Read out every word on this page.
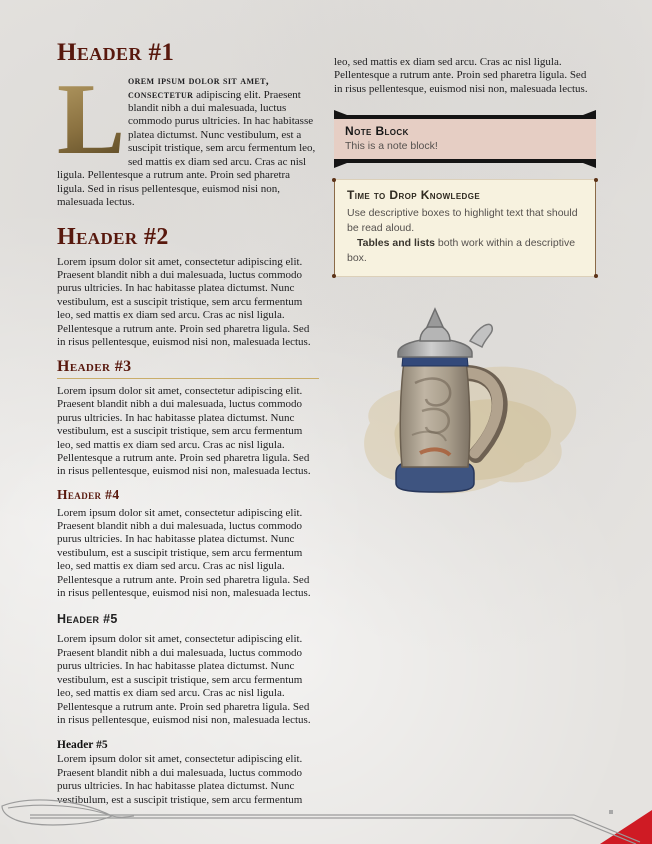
Header #1

L orem ipsum dolor sit amet, consectetur adipiscing elit. Praesent blandit nibh a dui malesuada, luctus commodo purus ultricies. In hac habitasse platea dictumst. Nunc vestibulum, est a suscipit tristique, sem arcu fermentum leo, sed mattis ex diam sed arcu. Cras ac nisl ligula. Pellentesque a rutrum ante. Proin sed pharetra ligula. Sed in risus pellentesque, euismod nisi non, malesuada lectus.

Header #2

Lorem ipsum dolor sit amet, consectetur adipiscing elit. Praesent blandit nibh a dui malesuada, luctus commodo purus ultricies. In hac habitasse platea dictumst. Nunc vestibulum, est a suscipit tristique, sem arcu fermentum leo, sed mattis ex diam sed arcu. Cras ac nisl ligula. Pellentesque a rutrum ante. Proin sed pharetra ligula. Sed in risus pellentesque, euismod nisi non, malesuada lectus.

Header #3

Lorem ipsum dolor sit amet, consectetur adipiscing elit. Praesent blandit nibh a dui malesuada, luctus commodo purus ultricies. In hac habitasse platea dictumst. Nunc vestibulum, est a suscipit tristique, sem arcu fermentum leo, sed mattis ex diam sed arcu. Cras ac nisl ligula. Pellentesque a rutrum ante. Proin sed pharetra ligula. Sed in risus pellentesque, euismod nisi non, malesuada lectus.

Header #4

Lorem ipsum dolor sit amet, consectetur adipiscing elit. Praesent blandit nibh a dui malesuada, luctus commodo purus ultricies. In hac habitasse platea dictumst. Nunc vestibulum, est a suscipit tristique, sem arcu fermentum leo, sed mattis ex diam sed arcu. Cras ac nisl ligula. Pellentesque a rutrum ante. Proin sed pharetra ligula. Sed in risus pellentesque, euismod nisi non, malesuada lectus.

Header #5

Lorem ipsum dolor sit amet, consectetur adipiscing elit. Praesent blandit nibh a dui malesuada, luctus commodo purus ultricies. In hac habitasse platea dictumst. Nunc vestibulum, est a suscipit tristique, sem arcu fermentum leo, sed mattis ex diam sed arcu. Cras ac nisl ligula. Pellentesque a rutrum ante. Proin sed pharetra ligula. Sed in risus pellentesque, euismod nisi non, malesuada lectus.

Header #5

Lorem ipsum dolor sit amet, consectetur adipiscing elit. Praesent blandit nibh a dui malesuada, luctus commodo purus ultricies. In hac habitasse platea dictumst. Nunc vestibulum, est a suscipit tristique, sem arcu fermentum

leo, sed mattis ex diam sed arcu. Cras ac nisl ligula. Pellentesque a rutrum ante. Proin sed pharetra ligula. Sed in risus pellentesque, euismod nisi non, malesuada lectus.

Note Block
This is a note block!
Time to Drop Knowledge
Use descriptive boxes to highlight text that should be read aloud.
Tables and lists both work within a descriptive box.
